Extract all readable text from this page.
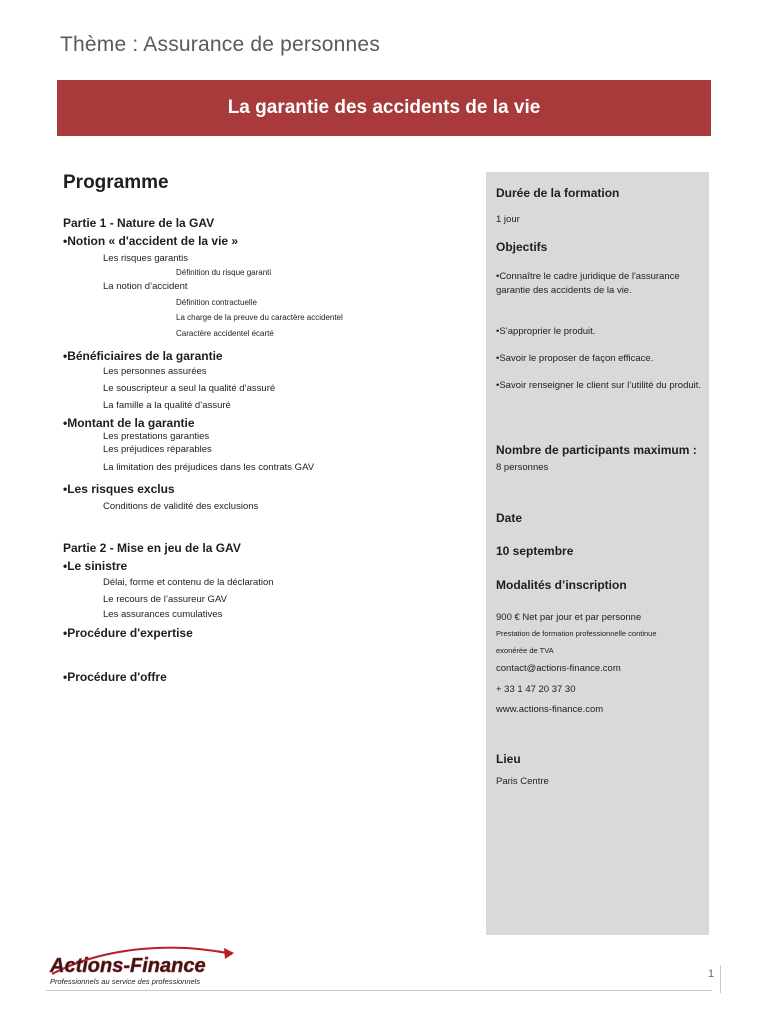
Thème : Assurance de personnes
La garantie des accidents de la vie
Programme
Partie 1 - Nature de la GAV
•Notion « d'accident de la vie »
Les risques garantis
Définition du risque garanti
La notion d’accident
Définition contractuelle
La charge de la preuve du caractère accidentel
Caractère accidentel écarté
•Bénéficiaires de la garantie
Les personnes assurées
Le souscripteur a seul la qualité d’assuré
La famille a la qualité d’assuré
•Montant de la garantie
Les prestations garanties
Les préjudices réparables
La limitation des préjudices dans les contrats GAV
•Les risques exclus
Conditions de validité des exclusions
Partie 2 - Mise en jeu de la GAV
•Le sinistre
Délai, forme et contenu de la déclaration
Le recours de l’assureur GAV
Les assurances cumulatives
•Procédure d'expertise
•Procédure d'offre
Durée de la formation
1 jour
Objectifs
•Connaître le cadre juridique de l'assurance garantie des accidents de la vie.
•S’approprier le produit.
•Savoir le proposer de façon efficace.
•Savoir renseigner le client sur l’utilité du produit.
Nombre de participants maximum : 8 personnes
Date
10 septembre
Modalités d’inscription
900 € Net par jour et par personne
Prestation de formation professionnelle continue
exonérée de TVA
contact@actions-finance.com
+ 33 1 47 20 37 30
www.actions-finance.com
Lieu
Paris Centre
Actions-Finance
Professionnels au service des professionnels
1
